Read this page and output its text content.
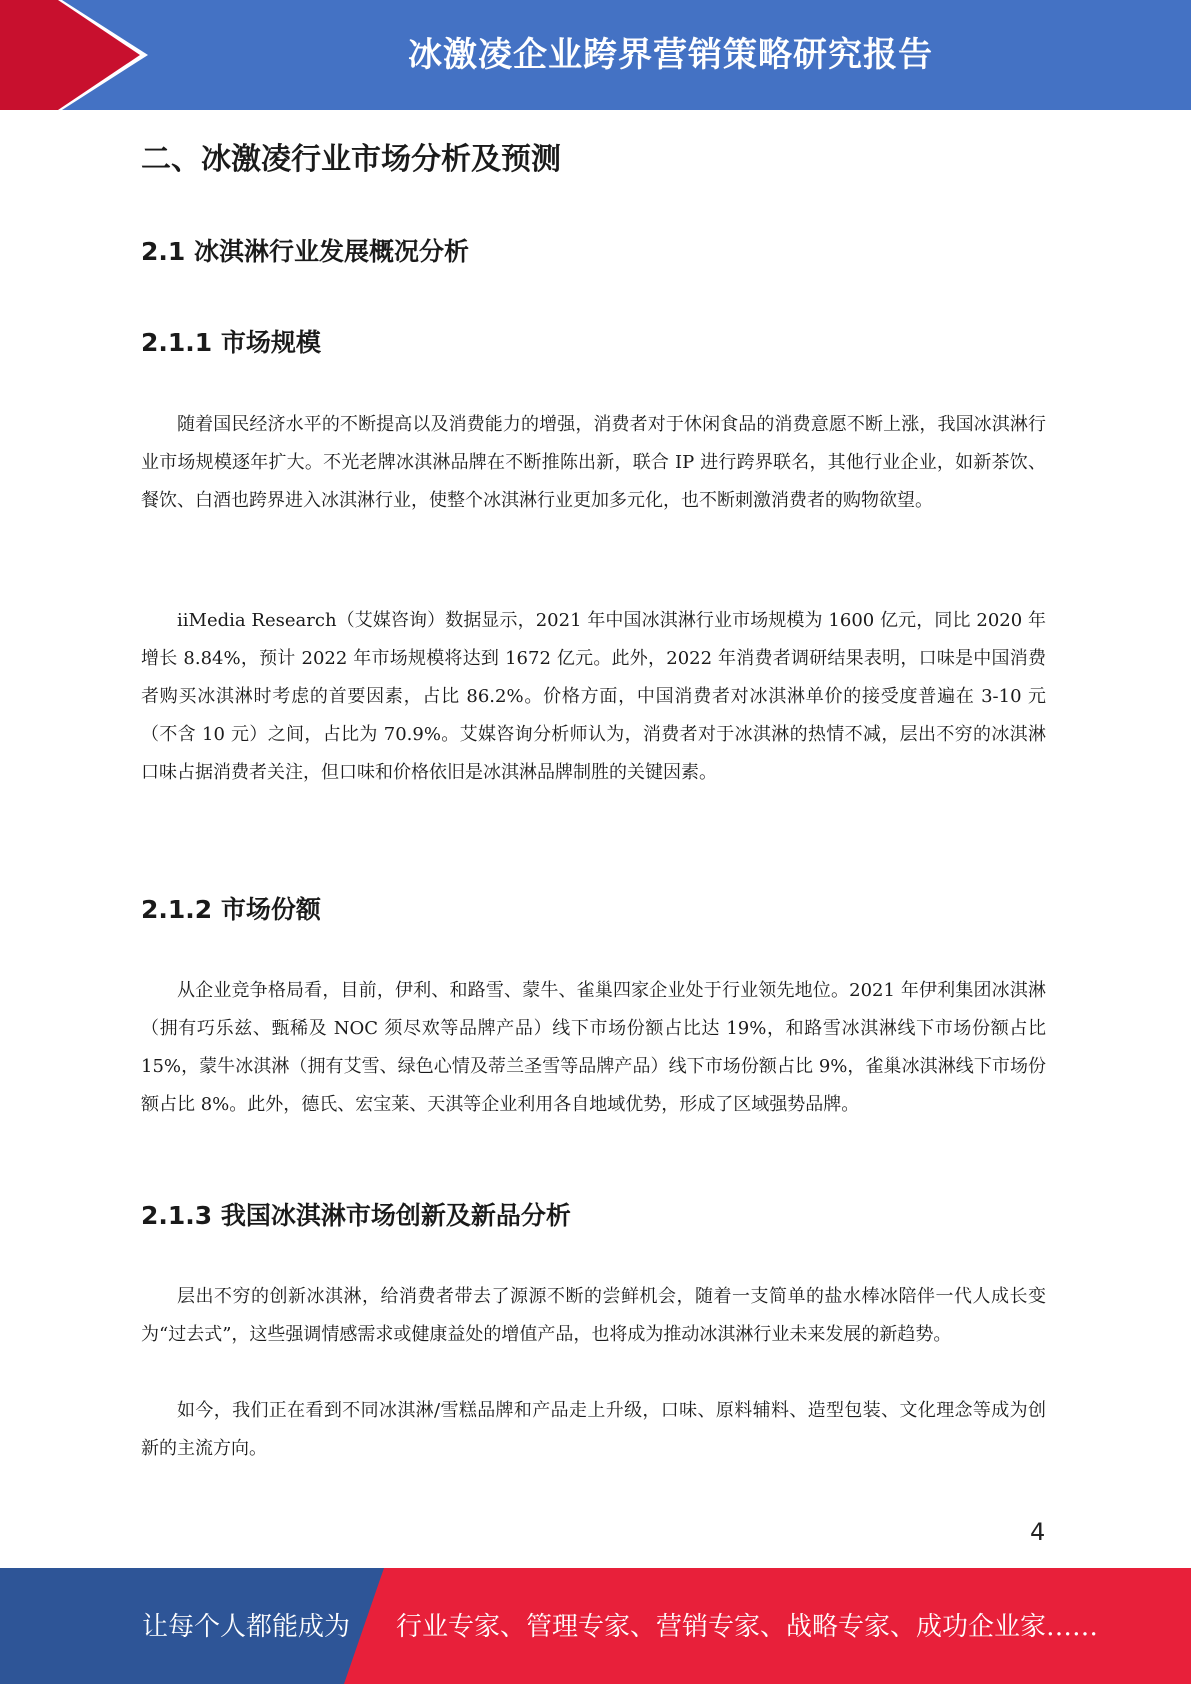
冰激凌企业跨界营销策略研究报告
二、冰激凌行业市场分析及预测
2.1 冰淇淋行业发展概况分析
2.1.1 市场规模

随着国民经济水平的不断提高以及消费能力的增强，消费者对于休闲食品的消费意愿不断上涨，我国冰淇淋行业市场规模逐年扩大。不光老牌冰淇淋品牌在不断推陈出新，联合 IP 进行跨界联名，其他行业企业，如新茶饮、餐饮、白酒也跨界进入冰淇淋行业，使整个冰淇淋行业更加多元化，也不断刺激消费者的购物欲望。

iiMedia Research（艾媒咨询）数据显示，2021 年中国冰淇淋行业市场规模为 1600 亿元，同比 2020 年增长 8.84%，预计 2022 年市场规模将达到 1672 亿元。此外，2022 年消费者调研结果表明，口味是中国消费者购买冰淇淋时考虑的首要因素，占比 86.2%。价格方面，中国消费者对冰淇淋单价的接受度普遍在 3-10 元（不含 10 元）之间，占比为 70.9%。艾媒咨询分析师认为，消费者对于冰淇淋的热情不减，层出不穷的冰淇淋口味占据消费者关注，但口味和价格依旧是冰淇淋品牌制胜的关键因素。

2.1.2 市场份额

从企业竞争格局看，目前，伊利、和路雪、蒙牛、雀巢四家企业处于行业领先地位。2021 年伊利集团冰淇淋（拥有巧乐兹、甄稀及 NOC 须尽欢等品牌产品）线下市场份额占比达 19%，和路雪冰淇淋线下市场份额占比 15%，蒙牛冰淇淋（拥有艾雪、绿色心情及蒂兰圣雪等品牌产品）线下市场份额占比 9%，雀巢冰淇淋线下市场份额占比 8%。此外，德氏、宏宝莱、天淇等企业利用各自地域优势，形成了区域强势品牌。

2.1.3 我国冰淇淋市场创新及新品分析

层出不穷的创新冰淇淋，给消费者带去了源源不断的尝鲜机会，随着一支简单的盐水棒冰陪伴一代人成长变为“过去式”，这些强调情感需求或健康益处的增值产品，也将成为推动冰淇淋行业未来发展的新趋势。

如今，我们正在看到不同冰淇淋/雪糕品牌和产品走上升级，口味、原料辅料、造型包装、文化理念等成为创新的主流方向。

4
让每个人都能成为 行业专家、管理专家、营销专家、战略专家、成功企业家……
